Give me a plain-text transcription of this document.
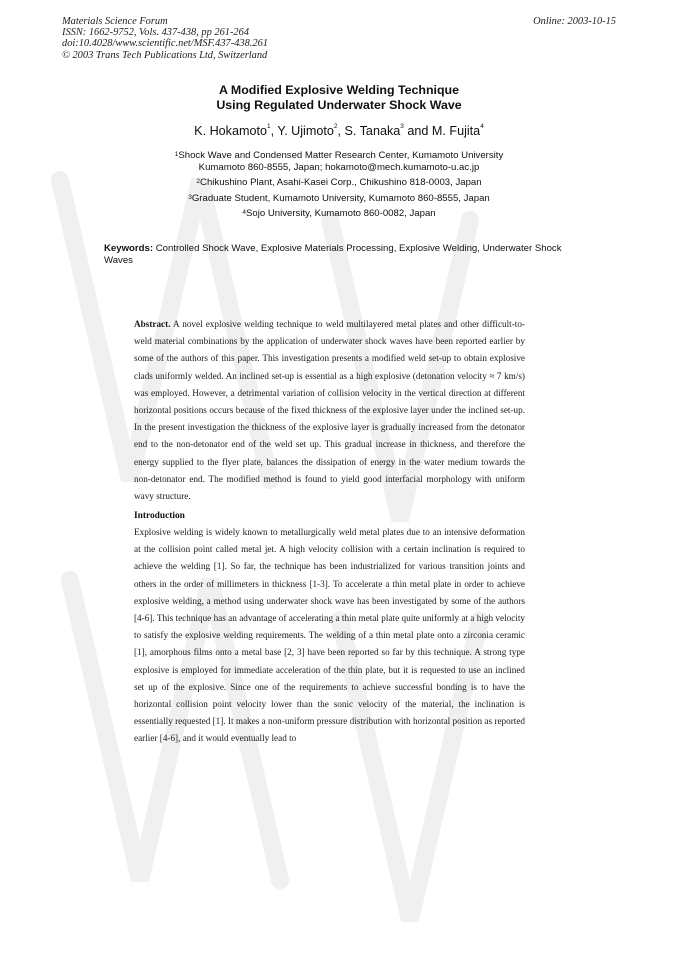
Materials Science Forum
ISSN: 1662-9752, Vols. 437-438, pp 261-264
doi:10.4028/www.scientific.net/MSF.437-438.261
© 2003 Trans Tech Publications Ltd, Switzerland
Online: 2003-10-15
A Modified Explosive Welding Technique
Using Regulated Underwater Shock Wave
K. Hokamoto$^1$, Y. Ujimoto$^2$, S. Tanaka$^3$ and M. Fujita$^4$
$^1$Shock Wave and Condensed Matter Research Center, Kumamoto University
Kumamoto 860-8555, Japan; hokamoto@mech.kumamoto-u.ac.jp
$^2$Chikushino Plant, Asahi-Kasei Corp., Chikushino 818-0003, Japan
$^3$Graduate Student, Kumamoto University, Kumamoto 860-8555, Japan
$^4$Sojo University, Kumamoto 860-0082, Japan
Keywords: Controlled Shock Wave, Explosive Materials Processing, Explosive Welding, Underwater Shock Waves
Abstract. A novel explosive welding technique to weld multilayered metal plates and other difficult-to-weld material combinations by the application of underwater shock waves have been reported earlier by some of the authors of this paper. This investigation presents a modified weld set-up to obtain explosive clads uniformly welded. An inclined set-up is essential as a high explosive (detonation velocity ≈ 7 km/s) was employed. However, a detrimental variation of collision velocity in the vertical direction at different horizontal positions occurs because of the fixed thickness of the explosive layer under the inclined set-up. In the present investigation the thickness of the explosive layer is gradually increased from the detonator end to the non-detonator end of the weld set up. This gradual increase in thickness, and therefore the energy supplied to the flyer plate, balances the dissipation of energy in the water medium towards the non-detonator end. The modified method is found to yield good interfacial morphology with uniform wavy structure.
Introduction
Explosive welding is widely known to metallurgically weld metal plates due to an intensive deformation at the collision point called metal jet. A high velocity collision with a certain inclination is required to achieve the welding [1]. So far, the technique has been industrialized for various transition joints and others in the order of millimeters in thickness [1-3]. To accelerate a thin metal plate in order to achieve explosive welding, a method using underwater shock wave has been investigated by some of the authors [4-6]. This technique has an advantage of accelerating a thin metal plate quite uniformly at a high velocity to satisfy the explosive welding requirements. The welding of a thin metal plate onto a zirconia ceramic [1], amorphous films onto a metal base [2, 3] have been reported so far by this technique. A strong type explosive is employed for immediate acceleration of the thin plate, but it is requested to use an inclined set up of the explosive. Since one of the requirements to achieve successful bonding is to have the horizontal collision point velocity lower than the sonic velocity of the material, the inclination is essentially requested [1]. It makes a non-uniform pressure distribution with horizontal position as reported earlier [4-6], and it would eventually lead to
